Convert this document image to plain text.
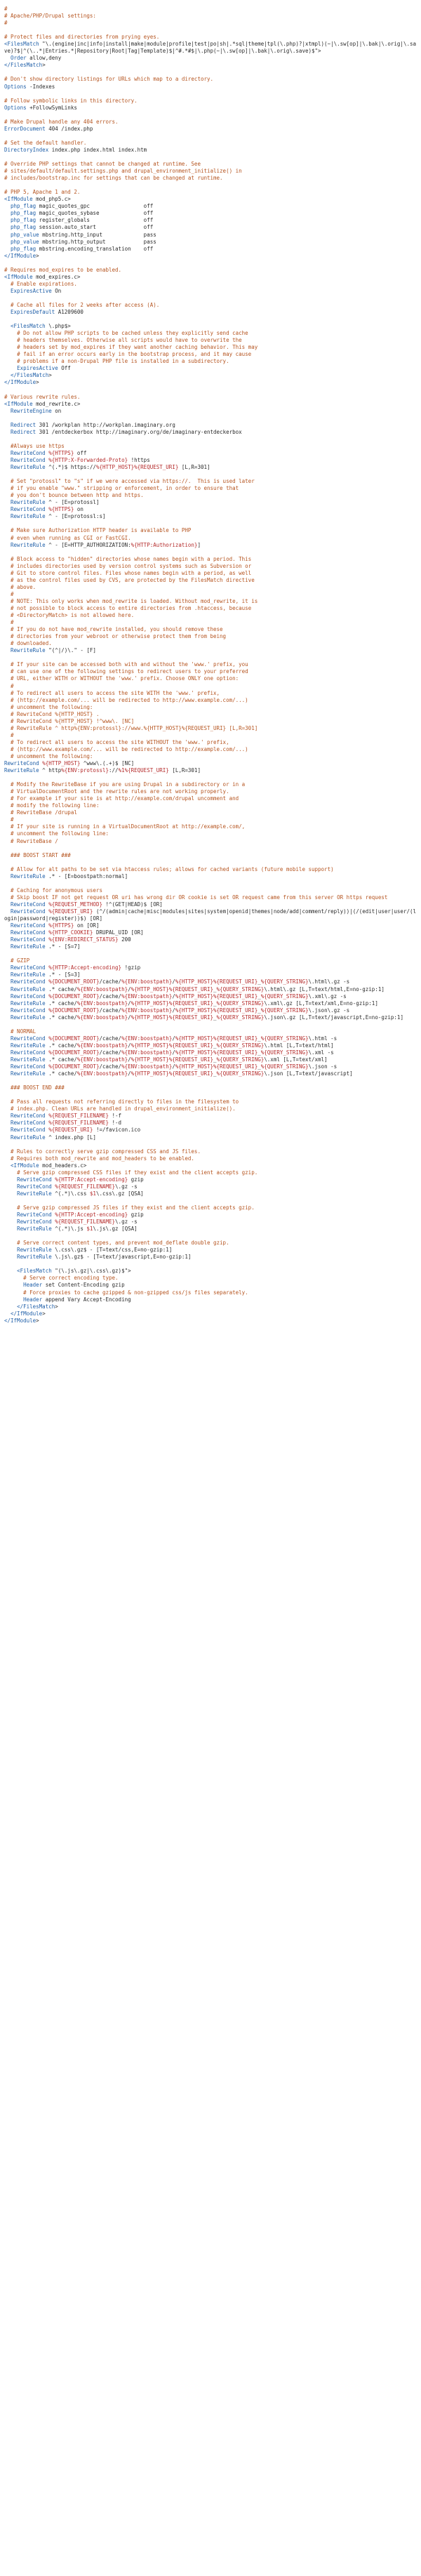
#
# Apache/PHP/Drupal settings:
#
# Protect files and directories from prying eyes.
<FilesMatch "\.(engine|inc|info|install|make|module|profile|test|po|sh|.*sql|theme|tpl(\.php)?|xtmpl)(~|\.sw[op]|\.bak|\.orig|\.save)?$|^(\..*|Entries.*|Repository|Root|Tag|Template)$|^#.*#$|\.php(~|\.sw[op]|\.bak|\.orig\.save)$">
Order allow,deny
</FilesMatch>
# Don't show directory listings for URLs which map to a directory.
Options -Indexes
# Follow symbolic links in this directory.
Options +FollowSymLinks
# Make Drupal handle any 404 errors.
ErrorDocument 404 /index.php
# Set the default handler.
DirectoryIndex index.php index.html index.htm
# Override PHP settings that cannot be changed at runtime. See
# sites/default/default.settings.php and drupal_environment_initialize() in
# includes/bootstrap.inc for settings that can be changed at runtime.
# PHP 5, Apache 1 and 2.
<IfModule mod_php5.c>
php_flag magic_quotes_gpc                 off
php_flag magic_quotes_sybase              off
php_flag register_globals                 off
php_flag session.auto_start               off
php_value mbstring.http_input             pass
php_value mbstring.http_output            pass
php_flag mbstring.encoding_translation    off
</IfModule>
# Requires mod_expires to be enabled.
<IfModule mod_expires.c>
# Enable expirations.
ExpiresActive On
# Cache all files for 2 weeks after access (A).
ExpiresDefault A1209600
<FilesMatch \.php$>
# Do not allow PHP scripts to be cached unless they explicitly send cache
# headers themselves. Otherwise all scripts would have to overwrite the
# headers set by mod_expires if they want another caching behavior. This may
# fail if an error occurs early in the bootstrap process, and it may cause
# problems if a non-Drupal PHP file is installed in a subdirectory.
ExpiresActive Off
</FilesMatch>
</IfModule>
# Various rewrite rules.
<IfModule mod_rewrite.c>
RewriteEngine on
Redirect 301 /workplan http://workplan.imaginary.org
Redirect 301 /entdeckerbox http://imaginary.org/de/imaginary-entdeckerbox
#Always use https
RewriteCond %{HTTPS} off
RewriteCond %{HTTP:X-Forwarded-Proto} !https
RewriteRule ^(.*)$ https://%{HTTP_HOST}%{REQUEST_URI} [L,R=301]
# Set "protossl" to "s" if we were accessed via https://.  This is used later
# if you enable "www." stripping or enforcement, in order to ensure that
# you don't bounce between http and https.
RewriteRule ^ - [E=protossl]
RewriteCond %{HTTPS} on
RewriteRule ^ - [E=protossl:s]
# Make sure Authorization HTTP header is available to PHP
# even when running as CGI or FastCGI.
RewriteRule ^ - [E=HTTP_AUTHORIZATION:%{HTTP:Authorization}]
# Block access to "hidden" directories whose names begin with a period. This
# includes directories used by version control systems such as Subversion or
# Git to store control files. Files whose names begin with a period, as well
# as the control files used by CVS, are protected by the FilesMatch directive
# above.
#
# NOTE: This only works when mod_rewrite is loaded. Without mod_rewrite, it is
# not possible to block access to entire directories from .htaccess, because
# <DirectoryMatch> is not allowed here.
#
# If you do not have mod_rewrite installed, you should remove these
# directories from your webroot or otherwise protect them from being
# downloaded.
RewriteRule "(^|/)\." - [F]
# If your site can be accessed both with and without the 'www.' prefix, you
# can use one of the following settings to redirect users to your preferred
# URL, either WITH or WITHOUT the 'www.' prefix. Choose ONLY one option:
#
# To redirect all users to access the site WITH the 'www.' prefix,
# (http://example.com/... will be redirected to http://www.example.com/...)
# uncomment the following:
# RewriteCond %{HTTP_HOST} .
# RewriteCond %{HTTP_HOST} !^www\. [NC]
# RewriteRule ^ http%{ENV:protossl}://www.%{HTTP_HOST}%{REQUEST_URI} [L,R=301]
#
# To redirect all users to access the site WITHOUT the 'www.' prefix,
# (http://www.example.com/... will be redirected to http://example.com/...)
# uncomment the following:
RewriteCond %{HTTP_HOST} ^www\.(.+)$ [NC]
RewriteRule ^ http%{ENV:protossl}://%1%{REQUEST_URI} [L,R=301]
# Modify the RewriteBase if you are using Drupal in a subdirectory or in a
# VirtualDocumentRoot and the rewrite rules are not working properly.
# For example if your site is at http://example.com/drupal uncomment and
# modify the following line:
# RewriteBase /drupal
#
# If your site is running in a VirtualDocumentRoot at http://example.com/,
# uncomment the following line:
# RewriteBase /
### BOOST START ###
# Allow for alt paths to be set via htaccess rules; allows for cached variants (future mobile support)
RewriteRule .* - [E=boostpath:normal]
# Caching for anonymous users
# Skip boost IF not get request OR uri has wrong dir OR cookie is set OR request came from this server OR https request
RewriteCond %{REQUEST_METHOD} !^(GET|HEAD)$ [OR]
RewriteCond %{REQUEST_URI} (^/(admin|cache|misc|modules|sites|system|openid|themes|node/add|comment/reply))|(/(edit|user|user/(login|password|register))$) [OR]
RewriteCond %{HTTPS} on [OR]
RewriteCond %{HTTP_COOKIE} DRUPAL_UID [OR]
RewriteCond %{ENV:REDIRECT_STATUS} 200
RewriteRule .* - [S=7]
# GZIP
RewriteCond %{HTTP:Accept-encoding} !gzip
RewriteRule .* - [S=3]
RewriteCond %{DOCUMENT_ROOT}/cache/%{ENV:boostpath}/%{HTTP_HOST}%{REQUEST_URI}_%{QUERY_STRING}\.html\.gz -s
RewriteRule .* cache/%{ENV:boostpath}/%{HTTP_HOST}%{REQUEST_URI}_%{QUERY_STRING}\.html\.gz [L,T=text/html,E=no-gzip:1]
RewriteCond %{DOCUMENT_ROOT}/cache/%{ENV:boostpath}/%{HTTP_HOST}%{REQUEST_URI}_%{QUERY_STRING}\.xml\.gz -s
RewriteRule .* cache/%{ENV:boostpath}/%{HTTP_HOST}%{REQUEST_URI}_%{QUERY_STRING}\.xml\.gz [L,T=text/xml,E=no-gzip:1]
RewriteCond %{DOCUMENT_ROOT}/cache/%{ENV:boostpath}/%{HTTP_HOST}%{REQUEST_URI}_%{QUERY_STRING}\.json\.gz -s
RewriteRule .* cache/%{ENV:boostpath}/%{HTTP_HOST}%{REQUEST_URI}_%{QUERY_STRING}\.json\.gz [L,T=text/javascript,E=no-gzip:1]
# NORMAL
RewriteCond %{DOCUMENT_ROOT}/cache/%{ENV:boostpath}/%{HTTP_HOST}%{REQUEST_URI}_%{QUERY_STRING}\.html -s
RewriteRule .* cache/%{ENV:boostpath}/%{HTTP_HOST}%{REQUEST_URI}_%{QUERY_STRING}\.html [L,T=text/html]
RewriteCond %{DOCUMENT_ROOT}/cache/%{ENV:boostpath}/%{HTTP_HOST}%{REQUEST_URI}_%{QUERY_STRING}\.xml -s
RewriteRule .* cache/%{ENV:boostpath}/%{HTTP_HOST}%{REQUEST_URI}_%{QUERY_STRING}\.xml [L,T=text/xml]
RewriteCond %{DOCUMENT_ROOT}/cache/%{ENV:boostpath}/%{HTTP_HOST}%{REQUEST_URI}_%{QUERY_STRING}\.json -s
RewriteRule .* cache/%{ENV:boostpath}/%{HTTP_HOST}%{REQUEST_URI}_%{QUERY_STRING}\.json [L,T=text/javascript]
### BOOST END ###
# Pass all requests not referring directly to files in the filesystem to
# index.php. Clean URLs are handled in drupal_environment_initialize().
RewriteCond %{REQUEST_FILENAME} !-f
RewriteCond %{REQUEST_FILENAME} !-d
RewriteCond %{REQUEST_URI} !=/favicon.ico
RewriteRule ^ index.php [L]
# Rules to correctly serve gzip compressed CSS and JS files.
# Requires both mod_rewrite and mod_headers to be enabled.
<IfModule mod_headers.c>
# Serve gzip compressed CSS files if they exist and the client accepts gzip.
RewriteCond %{HTTP:Accept-encoding} gzip
RewriteCond %{REQUEST_FILENAME}\.gz -s
RewriteRule ^(.*)\.css $1\.css\.gz [QSA]
# Serve gzip compressed JS files if they exist and the client accepts gzip.
RewriteCond %{HTTP:Accept-encoding} gzip
RewriteCond %{REQUEST_FILENAME}\.gz -s
RewriteRule ^(.*)\.js $1\.js\.gz [QSA]
# Serve correct content types, and prevent mod_deflate double gzip.
RewriteRule \.css\.gz$ - [T=text/css,E=no-gzip:1]
RewriteRule \.js\.gz$ - [T=text/javascript,E=no-gzip:1]
<FilesMatch "(\.js\.gz|\.css\.gz)$">
# Serve correct encoding type.
Header set Content-Encoding gzip
# Force proxies to cache gzipped & non-gzipped css/js files separately.
Header append Vary Accept-Encoding
</FilesMatch>
</IfModule>
</IfModule>
